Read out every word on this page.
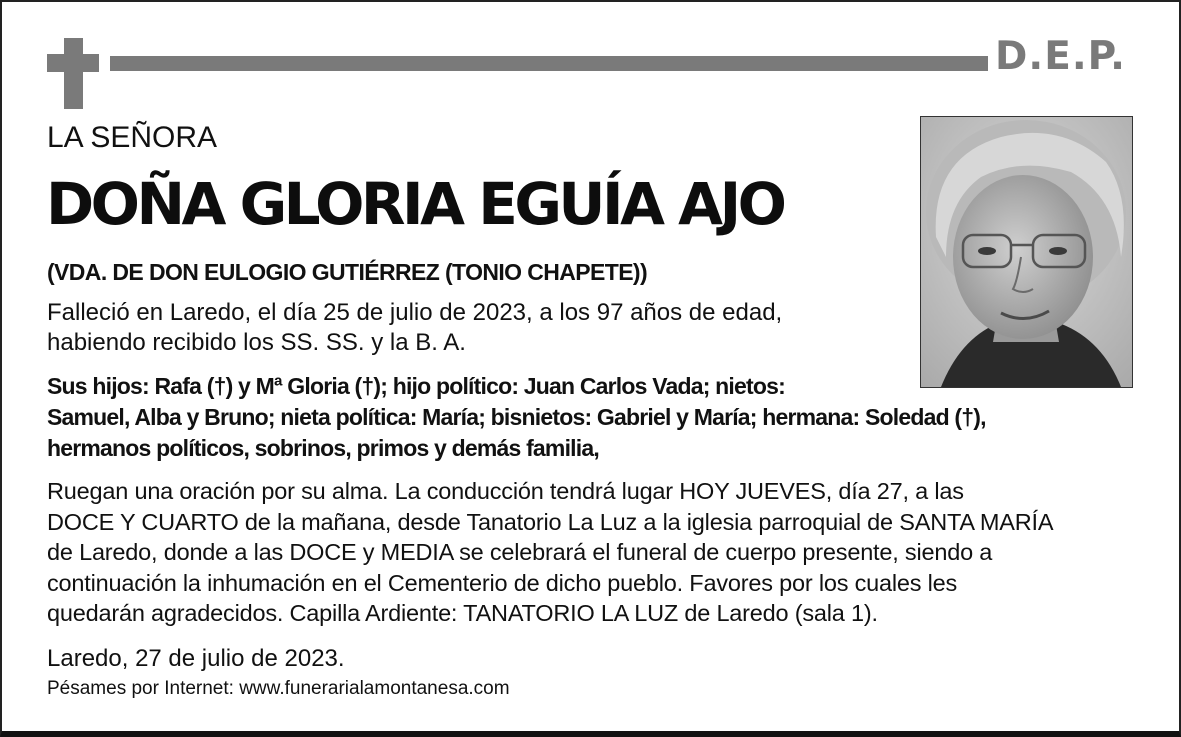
D.E.P.
LA SEÑORA
DOÑA GLORIA EGUÍA AJO
(VDA. DE DON EULOGIO GUTIÉRREZ (TONIO CHAPETE))
Falleció en Laredo, el día 25 de julio de 2023, a los 97 años de edad,
habiendo recibido los SS. SS. y la B. A.
Sus hijos: Rafa (†) y Mª Gloria (†); hijo político: Juan Carlos Vada; nietos:
Samuel, Alba y Bruno; nieta política: María; bisnietos: Gabriel y María; hermana: Soledad (†),
hermanos políticos, sobrinos, primos y demás familia,
Ruegan una oración por su alma. La conducción tendrá lugar HOY JUEVES, día 27, a las
DOCE Y CUARTO de la mañana, desde Tanatorio La Luz a la iglesia parroquial de SANTA MARÍA
de Laredo, donde a las DOCE y MEDIA se celebrará el funeral de cuerpo presente, siendo a
continuación la inhumación en el Cementerio de dicho pueblo. Favores por los cuales les
quedarán agradecidos. Capilla Ardiente: TANATORIO LA LUZ de Laredo (sala 1).
Laredo, 27 de julio de 2023.
Pésames por Internet: www.funerarialamontanesa.com
